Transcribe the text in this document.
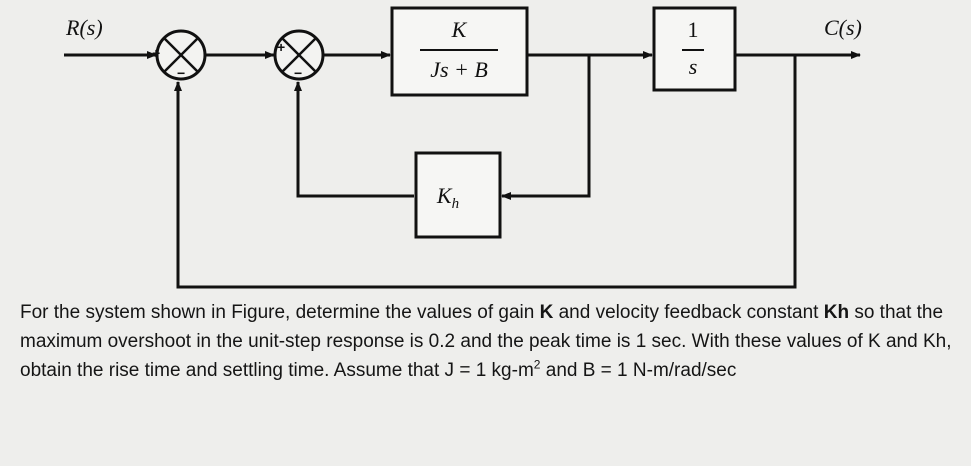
+
−
+
−
K
Js + B
1
s
$K_h$
R(s)	C(s)

For the system shown in Figure, determine the values of gain K and velocity feedback constant Kh so that the maximum overshoot in the unit-step response is 0.2 and the peak time is 1 sec. With these values of K and Kh, obtain the rise time and settling time. Assume that J = 1 $kg-m^2$ and B = 1 N-m/rad/sec
